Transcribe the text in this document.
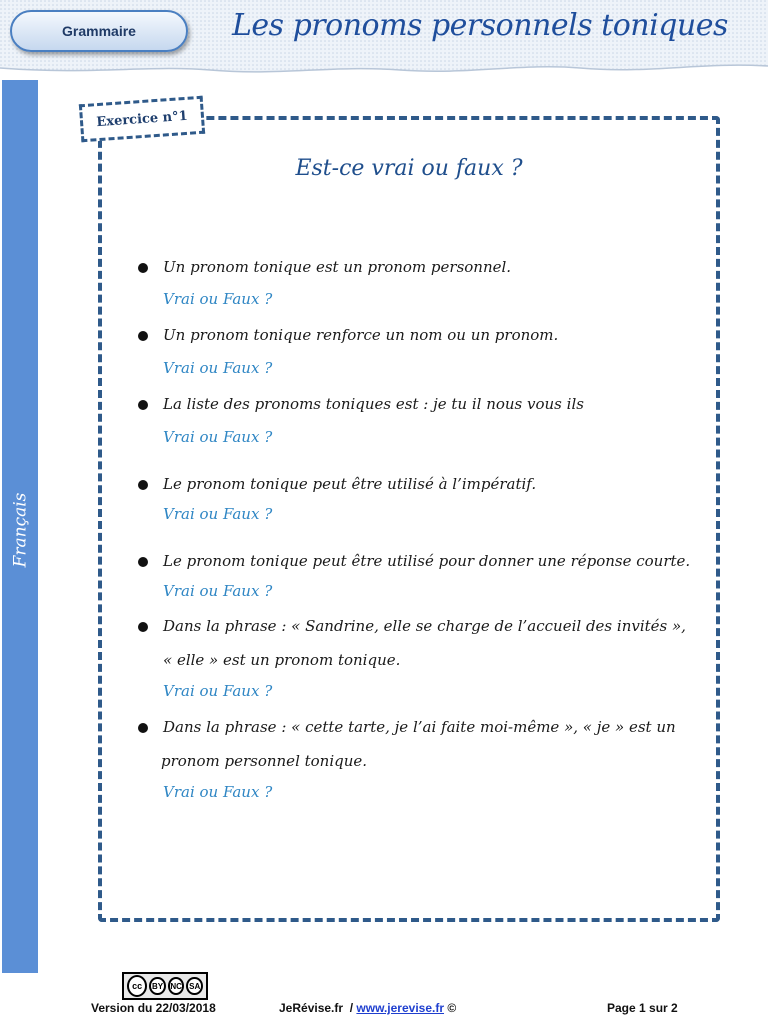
Grammaire	Les pronoms personnels toniques
Français
Exercice n°1
Est-ce vrai ou faux ?
Un pronom tonique est un pronom personnel.
Vrai ou Faux ?
Un pronom tonique renforce un nom ou un pronom.
Vrai ou Faux ?
La liste des pronoms toniques est : je tu il nous vous ils
Vrai ou Faux ?
Le pronom tonique peut être utilisé à l’impératif.
Vrai ou Faux ?
Le pronom tonique peut être utilisé pour donner une réponse courte.
Vrai ou Faux ?
Dans la phrase : « Sandrine, elle se charge de l’accueil des invités »,
« elle » est un pronom tonique.
Vrai ou Faux ?
Dans la phrase : « cette tarte, je l’ai faite moi-même », « je » est un
pronom personnel tonique.
Vrai ou Faux ?
cc	BY NC SA
Version du 22/03/2018	JeRévise.fr / www.jerevise.fr ©	Page 1 sur 2
